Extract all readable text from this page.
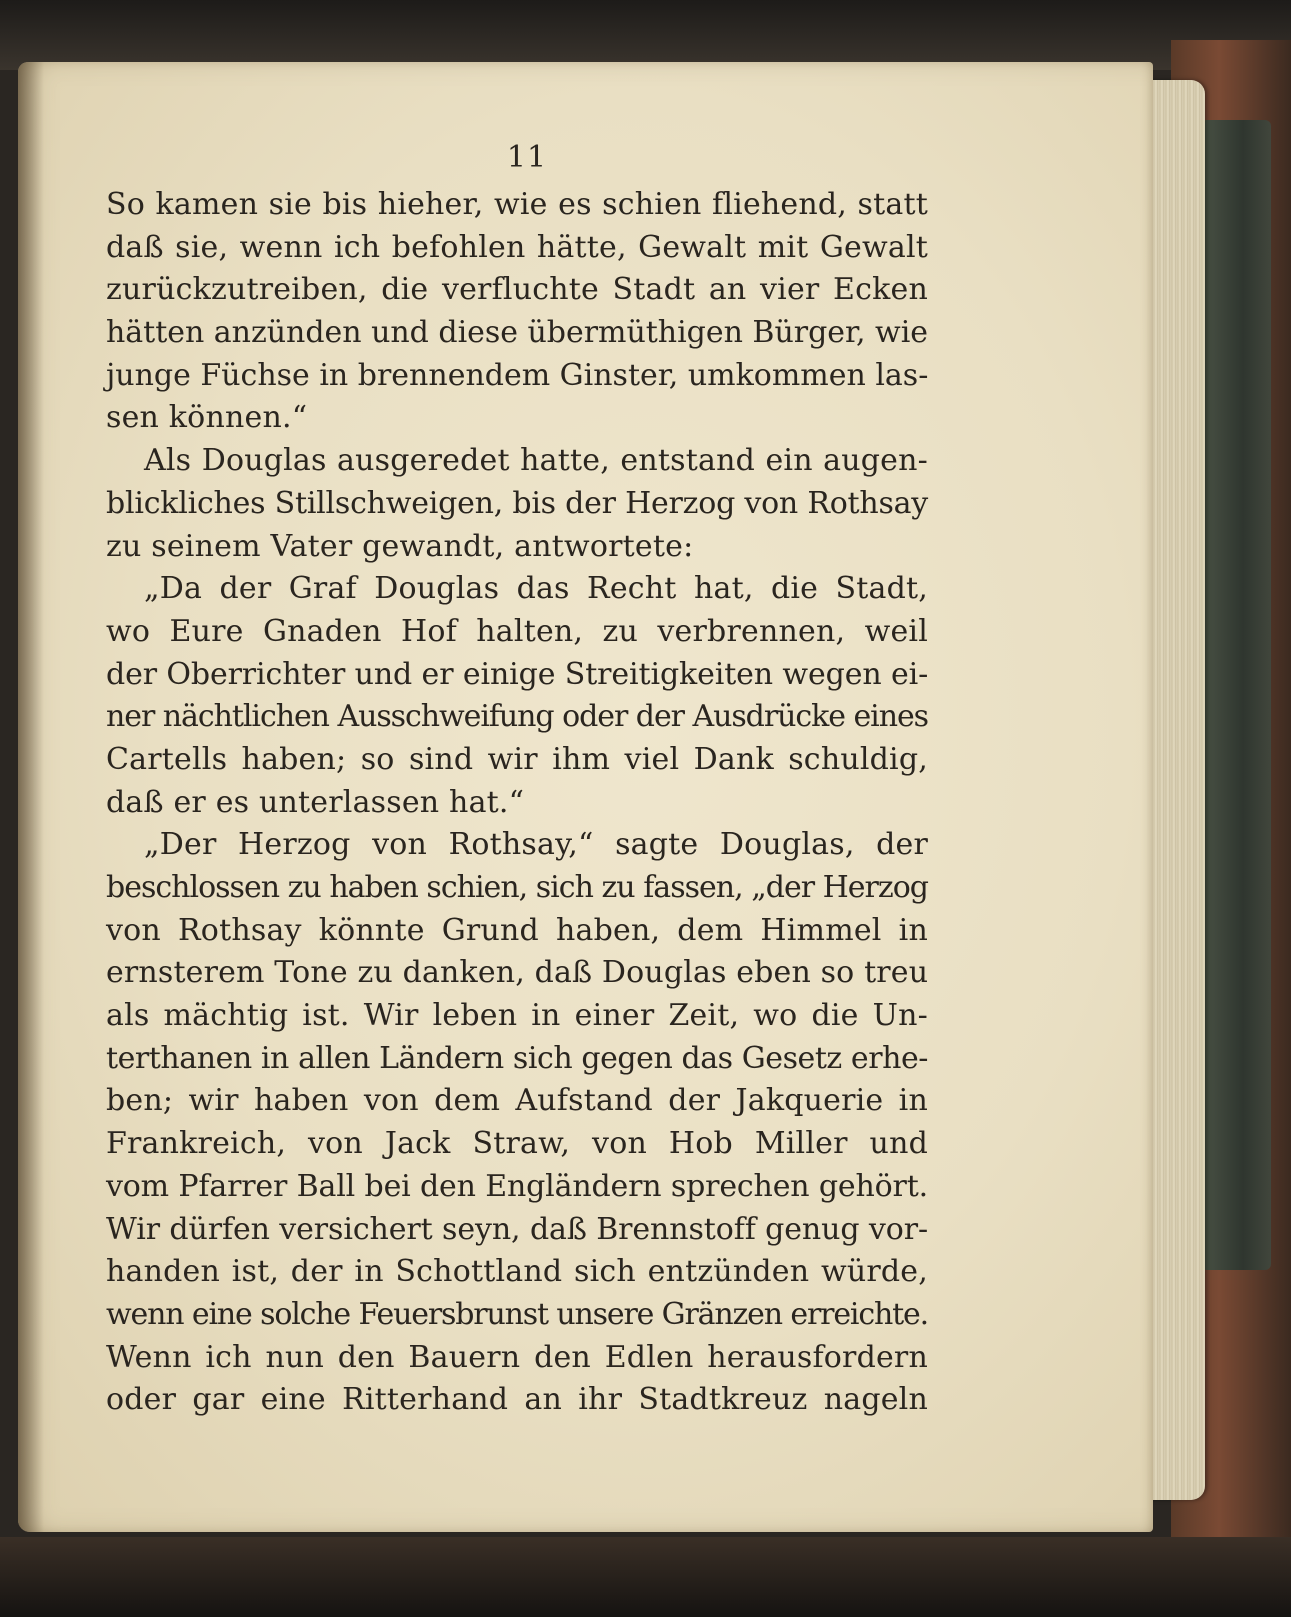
11
So kamen sie bis hieher, wie es schien fliehend, statt
daß sie, wenn ich befohlen hätte, Gewalt mit Gewalt
zurückzutreiben, die verfluchte Stadt an vier Ecken
hätten anzünden und diese übermüthigen Bürger, wie
junge Füchse in brennendem Ginster, umkommen las-
sen können.“
Als Douglas ausgeredet hatte, entstand ein augen-
blickliches Stillschweigen, bis der Herzog von Rothsay
zu seinem Vater gewandt, antwortete:
„Da der Graf Douglas das Recht hat, die Stadt,
wo Eure Gnaden Hof halten, zu verbrennen, weil
der Oberrichter und er einige Streitigkeiten wegen ei-
ner nächtlichen Ausschweifung oder der Ausdrücke eines
Cartells haben; so sind wir ihm viel Dank schuldig,
daß er es unterlassen hat.“
„Der Herzog von Rothsay,“ sagte Douglas, der
beschlossen zu haben schien, sich zu fassen, „der Herzog
von Rothsay könnte Grund haben, dem Himmel in
ernsterem Tone zu danken, daß Douglas eben so treu
als mächtig ist. Wir leben in einer Zeit, wo die Un-
terthanen in allen Ländern sich gegen das Gesetz erhe-
ben; wir haben von dem Aufstand der Jakquerie in
Frankreich, von Jack Straw, von Hob Miller und
vom Pfarrer Ball bei den Engländern sprechen gehört.
Wir dürfen versichert seyn, daß Brennstoff genug vor-
handen ist, der in Schottland sich entzünden würde,
wenn eine solche Feuersbrunst unsere Gränzen erreichte.
Wenn ich nun den Bauern den Edlen herausfordern
oder gar eine Ritterhand an ihr Stadtkreuz nageln
